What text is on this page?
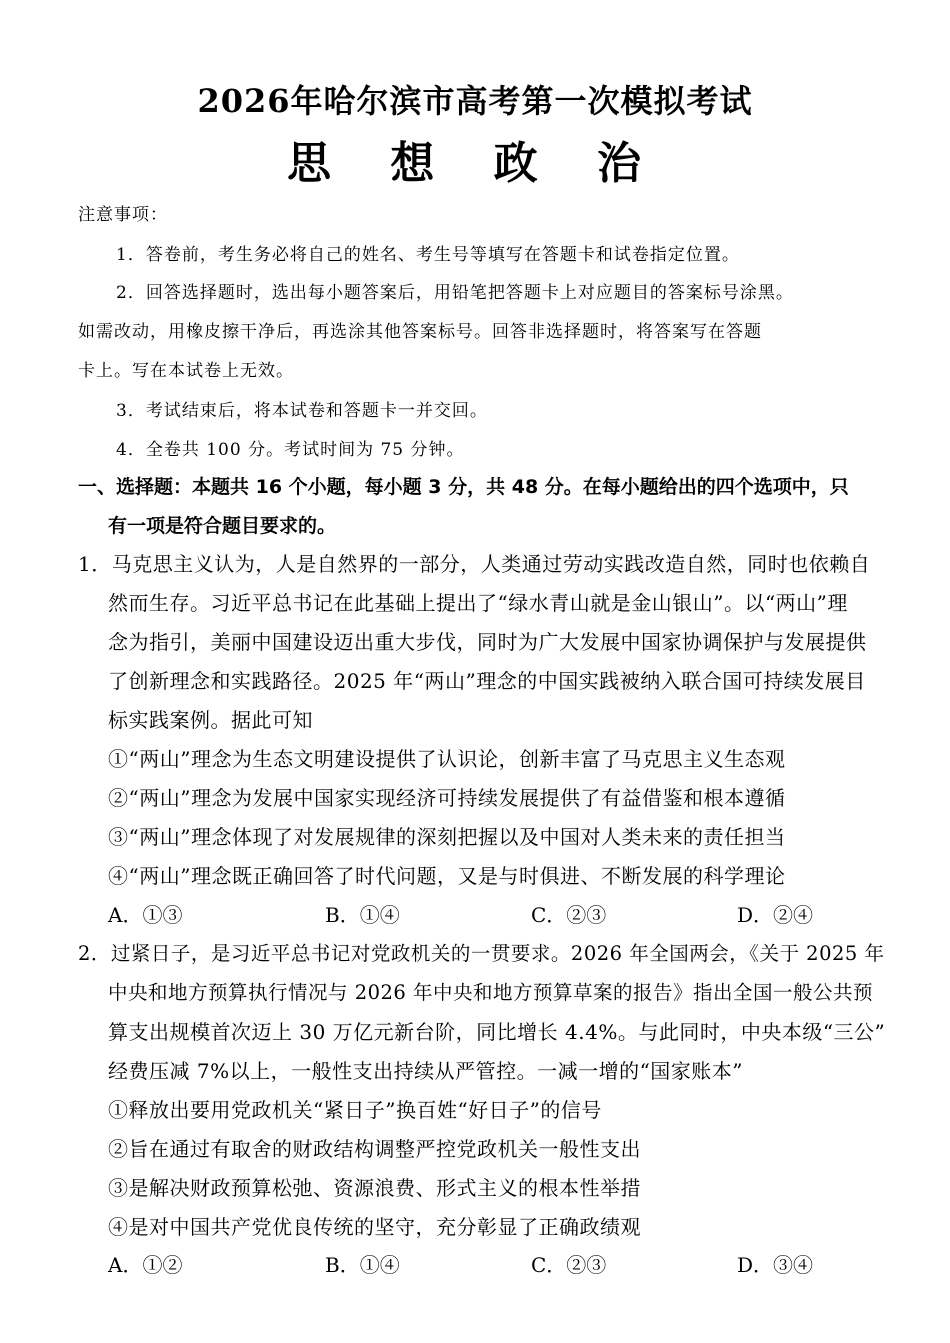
2026年哈尔滨市高考第一次模拟考试
思 想 政 治
注意事项：
1．答卷前，考生务必将自己的姓名、考生号等填写在答题卡和试卷指定位置。
2．回答选择题时，选出每小题答案后，用铅笔把答题卡上对应题目的答案标号涂黑。
如需改动，用橡皮擦干净后，再选涂其他答案标号。回答非选择题时，将答案写在答题
卡上。写在本试卷上无效。
3．考试结束后，将本试卷和答题卡一并交回。
4．全卷共 100 分。考试时间为 75 分钟。
一、选择题：本题共 16 个小题，每小题 3 分，共 48 分。在每小题给出的四个选项中，只
有一项是符合题目要求的。
1．马克思主义认为，人是自然界的一部分，人类通过劳动实践改造自然，同时也依赖自
然而生存。习近平总书记在此基础上提出了“绿水青山就是金山银山”。以“两山”理
念为指引，美丽中国建设迈出重大步伐，同时为广大发展中国家协调保护与发展提供
了创新理念和实践路径。2025 年“两山”理念的中国实践被纳入联合国可持续发展目
标实践案例。据此可知
①“两山”理念为生态文明建设提供了认识论，创新丰富了马克思主义生态观
②“两山”理念为发展中国家实现经济可持续发展提供了有益借鉴和根本遵循
③“两山”理念体现了对发展规律的深刻把握以及中国对人类未来的责任担当
④“两山”理念既正确回答了时代问题，又是与时俱进、不断发展的科学理论
A．①③	B．①④	C．②③	D．②④
2．过紧日子，是习近平总书记对党政机关的一贯要求。2026 年全国两会，《关于 2025 年
中央和地方预算执行情况与 2026 年中央和地方预算草案的报告》指出全国一般公共预
算支出规模首次迈上 30 万亿元新台阶，同比增长 4.4%。与此同时，中央本级“三公”
经费压减 7%以上，一般性支出持续从严管控。一减一增的“国家账本”
①释放出要用党政机关“紧日子”换百姓“好日子”的信号
②旨在通过有取舍的财政结构调整严控党政机关一般性支出
③是解决财政预算松弛、资源浪费、形式主义的根本性举措
④是对中国共产党优良传统的坚守，充分彰显了正确政绩观
A．①②	B．①④	C．②③	D．③④
